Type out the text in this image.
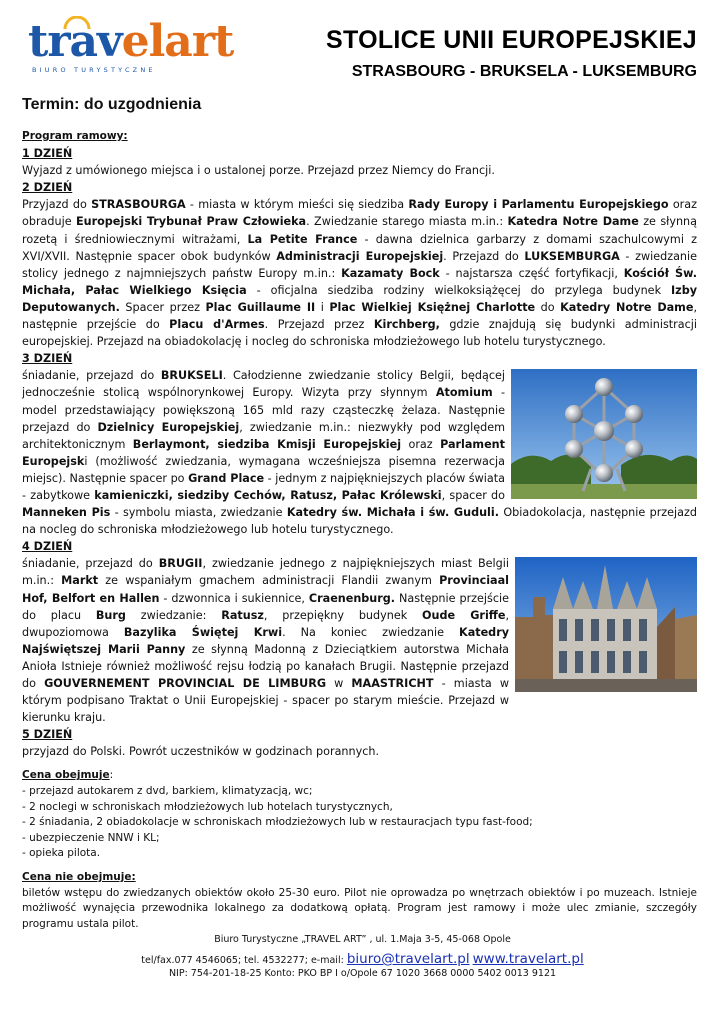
travelart
BIURO TURYSTYCZNE
STOLICE UNII EUROPEJSKIEJ
STRASBOURG - BRUKSELA - LUKSEMBURG
Termin: do uzgodnienia
Program ramowy:
1 DZIEŃ

Wyjazd z umówionego miejsca i o ustalonej porze. Przejazd przez Niemcy do Francji.

2 DZIEŃ

Przyjazd do STRASBOURGA - miasta w którym mieści się siedziba Rady Europy i Parlamentu Europejskiego oraz obraduje Europejski Trybunał Praw Człowieka. Zwiedzanie starego miasta m.in.: Katedra Notre Dame ze słynną rozetą i średniowiecznymi witrażami, La Petite France - dawna dzielnica garbarzy z domami szachulcowymi z XVI/XVII. Następnie spacer obok budynków Administracji Europejskiej. Przejazd do LUKSEMBURGA - zwiedzanie stolicy jednego z najmniejszych państw Europy m.in.: Kazamaty Bock - najstarsza część fortyfikacji, Kościół Św. Michała, Pałac Wielkiego Księcia - oficjalna siedziba rodziny wielkoksiążęcej do przylega budynek Izby Deputowanych. Spacer przez Plac Guillaume II i Plac Wielkiej Księżnej Charlotte do Katedry Notre Dame, następnie przejście do Placu d'Armes. Przejazd przez Kirchberg, gdzie znajdują się budynki administracji europejskiej. Przejazd na obiadokolację i nocleg do schroniska młodzieżowego lub hotelu turystycznego.

3 DZIEŃ

śniadanie, przejazd do BRUKSELI. Całodzienne zwiedzanie stolicy Belgii, będącej jednocześnie stolicą wspólnorynkowej Europy. Wizyta przy słynnym Atomium - model przedstawiający powiększoną 165 mld razy cząsteczkę żelaza. Następnie przejazd do Dzielnicy Europejskiej, zwiedzanie m.in.: niezwykły pod względem architektonicznym Berlaymont, siedziba Kmisji Europejskiej oraz Parlament Europejski (możliwość zwiedzania, wymagana wcześniejsza pisemna rezerwacja miejsc). Następnie spacer po Grand Place - jednym z najpiękniejszych placów świata - zabytkowe kamieniczki, siedziby Cechów, Ratusz, Pałac Królewski, spacer do Manneken Pis - symbolu miasta, zwiedzanie Katedry św. Michała i św. Guduli. Obiadokolacja, następnie przejazd na nocleg do schroniska młodzieżowego lub hotelu turystycznego.

4 DZIEŃ

śniadanie, przejazd do BRUGII, zwiedzanie jednego z najpiękniejszych miast Belgii m.in.: Markt ze wspaniałym gmachem administracji Flandii zwanym Provinciaal Hof, Belfort en Hallen - dzwonnica i sukiennice, Craenenburg. Następnie przejście do placu Burg zwiedzanie: Ratusz, przepiękny budynek Oude Griffe, dwupoziomowa Bazylika Świętej Krwi. Na koniec zwiedzanie Katedry Najświętszej Marii Panny ze słynną Madonną z Dzieciątkiem autorstwa Michała Anioła Istnieje również możliwość rejsu łodzią po kanałach Brugii. Następnie przejazd do GOUVERNEMENT PROVINCIAL DE LIMBURG w MAASTRICHT - miasta w którym podpisano Traktat o Unii Europejskiej - spacer po starym mieście. Przejazd w kierunku kraju.

5 DZIEŃ

przyjazd do Polski. Powrót uczestników w godzinach porannych.

Cena obejmuje:
- przejazd autokarem z dvd, barkiem, klimatyzacją, wc;
- 2 noclegi w schroniskach młodzieżowych lub hotelach turystycznych,
- 2 śniadania, 2 obiadokolacje w schroniskach młodzieżowych lub w restauracjach typu fast-food;
- ubezpieczenie NNW i KL;
- opieka pilota.
Cena nie obejmuje:
biletów wstępu do zwiedzanych obiektów około 25-30 euro. Pilot nie oprowadza po wnętrzach obiektów i po muzeach. Istnieje możliwość wynajęcia przewodnika lokalnego za dodatkową opłatą. Program jest ramowy i może ulec zmianie, szczegóły programu ustala pilot.
Biuro Turystyczne „TRAVEL ART” , ul. 1.Maja 3-5, 45-068 Opole
tel/fax.077 4546065; tel. 4532277; e-mail: biuro@travelart.pl www.travelart.pl
NIP: 754-201-18-25 Konto: PKO BP I o/Opole 67 1020 3668 0000 5402 0013 9121
